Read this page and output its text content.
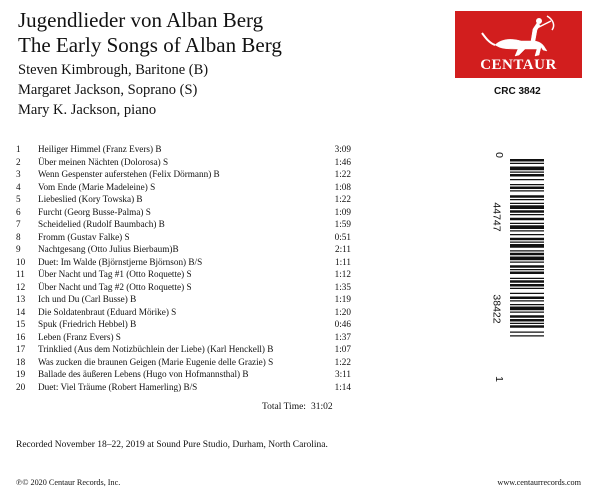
Jugendlieder von Alban Berg
The Early Songs of Alban Berg
Steven Kimbrough, Baritone (B)
Margaret Jackson, Soprano (S)
Mary K. Jackson, piano
CENTAUR
CRC 3842
1	Heiliger Himmel (Franz Evers) B	3:09
2	Über meinen Nächten (Dolorosa) S	1:46
3	Wenn Gespenster auferstehen (Felix Dörmann) B	1:22
4	Vom Ende (Marie Madeleine) S	1:08
5	Liebeslied (Kory Towska) B	1:22
6	Furcht (Georg Busse-Palma) S	1:09
7	Scheidelied (Rudolf Baumbach) B	1:59
8	Fromm (Gustav Falke) S	0:51
9	Nachtgesang (Otto Julius Bierbaum)B	2:11
10	Duet: Im Walde (Björnstjerne Björnson) B/S	1:11
11	Über Nacht und Tag #1 (Otto Roquette) S	1:12
12	Über Nacht und Tag #2 (Otto Roquette) S	1:35
13	Ich und Du (Carl Busse) B	1:19
14	Die Soldatenbraut (Eduard Mörike) S	1:20
15	Spuk (Friedrich Hebbel) B	0:46
16	Leben (Franz Evers) S	1:37
17	Trinklied (Aus dem Notizbüchlein der Liebe) (Karl Henckell) B	1:07
18	Was zucken die braunen Geigen (Marie Eugenie delle Grazie) S	1:22
19	Ballade des äußeren Lebens (Hugo von Hofmannsthal) B	3:11
20	Duet: Viel Träume (Robert Hamerling) B/S	1:14
Total Time: 31:02
Recorded November 18–22, 2019 at Sound Pure Studio, Durham, North Carolina.
℗© 2020 Centaur Records, Inc.	www.centaurrecords.com
0
44747
38422
1
